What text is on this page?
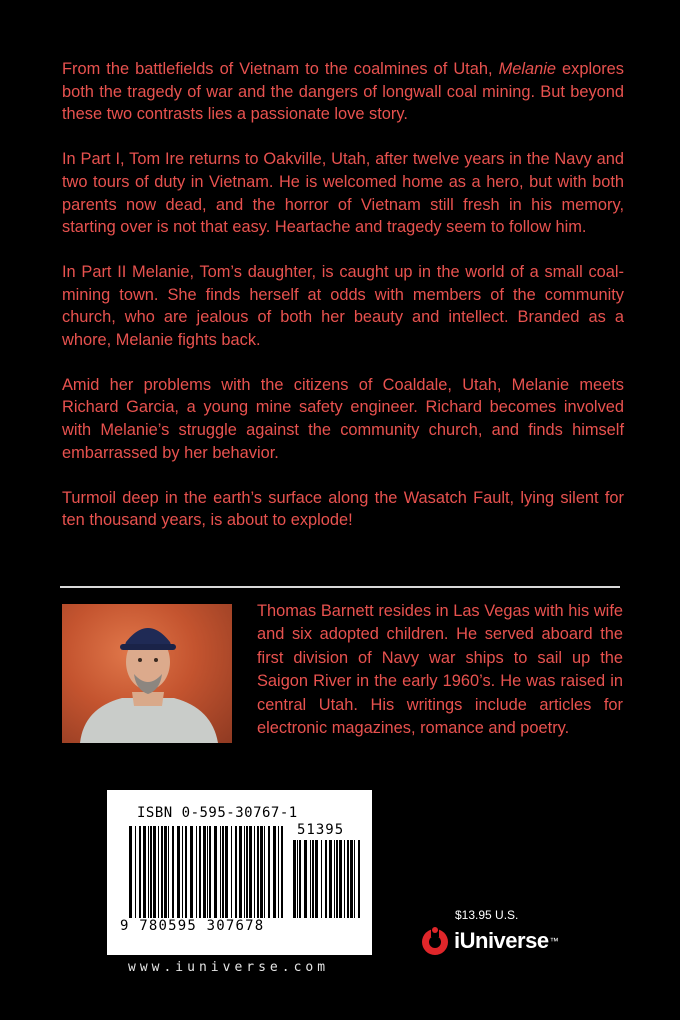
From the battlefields of Vietnam to the coalmines of Utah, Melanie explores both the tragedy of war and the dangers of longwall coal mining. But beyond these two contrasts lies a passionate love story.

In Part I, Tom Ire returns to Oakville, Utah, after twelve years in the Navy and two tours of duty in Vietnam. He is welcomed home as a hero, but with both parents now dead, and the horror of Vietnam still fresh in his memory, starting over is not that easy. Heartache and tragedy seem to follow him.

In Part II Melanie, Tom’s daughter, is caught up in the world of a small coal-mining town. She finds herself at odds with members of the community church, who are jealous of both her beauty and intellect. Branded as a whore, Melanie fights back.

Amid her problems with the citizens of Coaldale, Utah, Melanie meets Richard Garcia, a young mine safety engineer. Richard becomes involved with Melanie’s struggle against the community church, and finds himself embarrassed by her behavior.

Turmoil deep in the earth’s surface along the Wasatch Fault, lying silent for ten thousand years, is about to explode!

Thomas Barnett resides in Las Vegas with his wife and six adopted children. He served aboard the first division of Navy war ships to sail up the Saigon River in the early 1960’s. He was raised in central Utah. His writings include articles for electronic magazines, romance and poetry.
ISBN 0-595-30767-1
51395
9 780595 307678
www.iuniverse.com
$13.95 U.S.
iUniverse ™
